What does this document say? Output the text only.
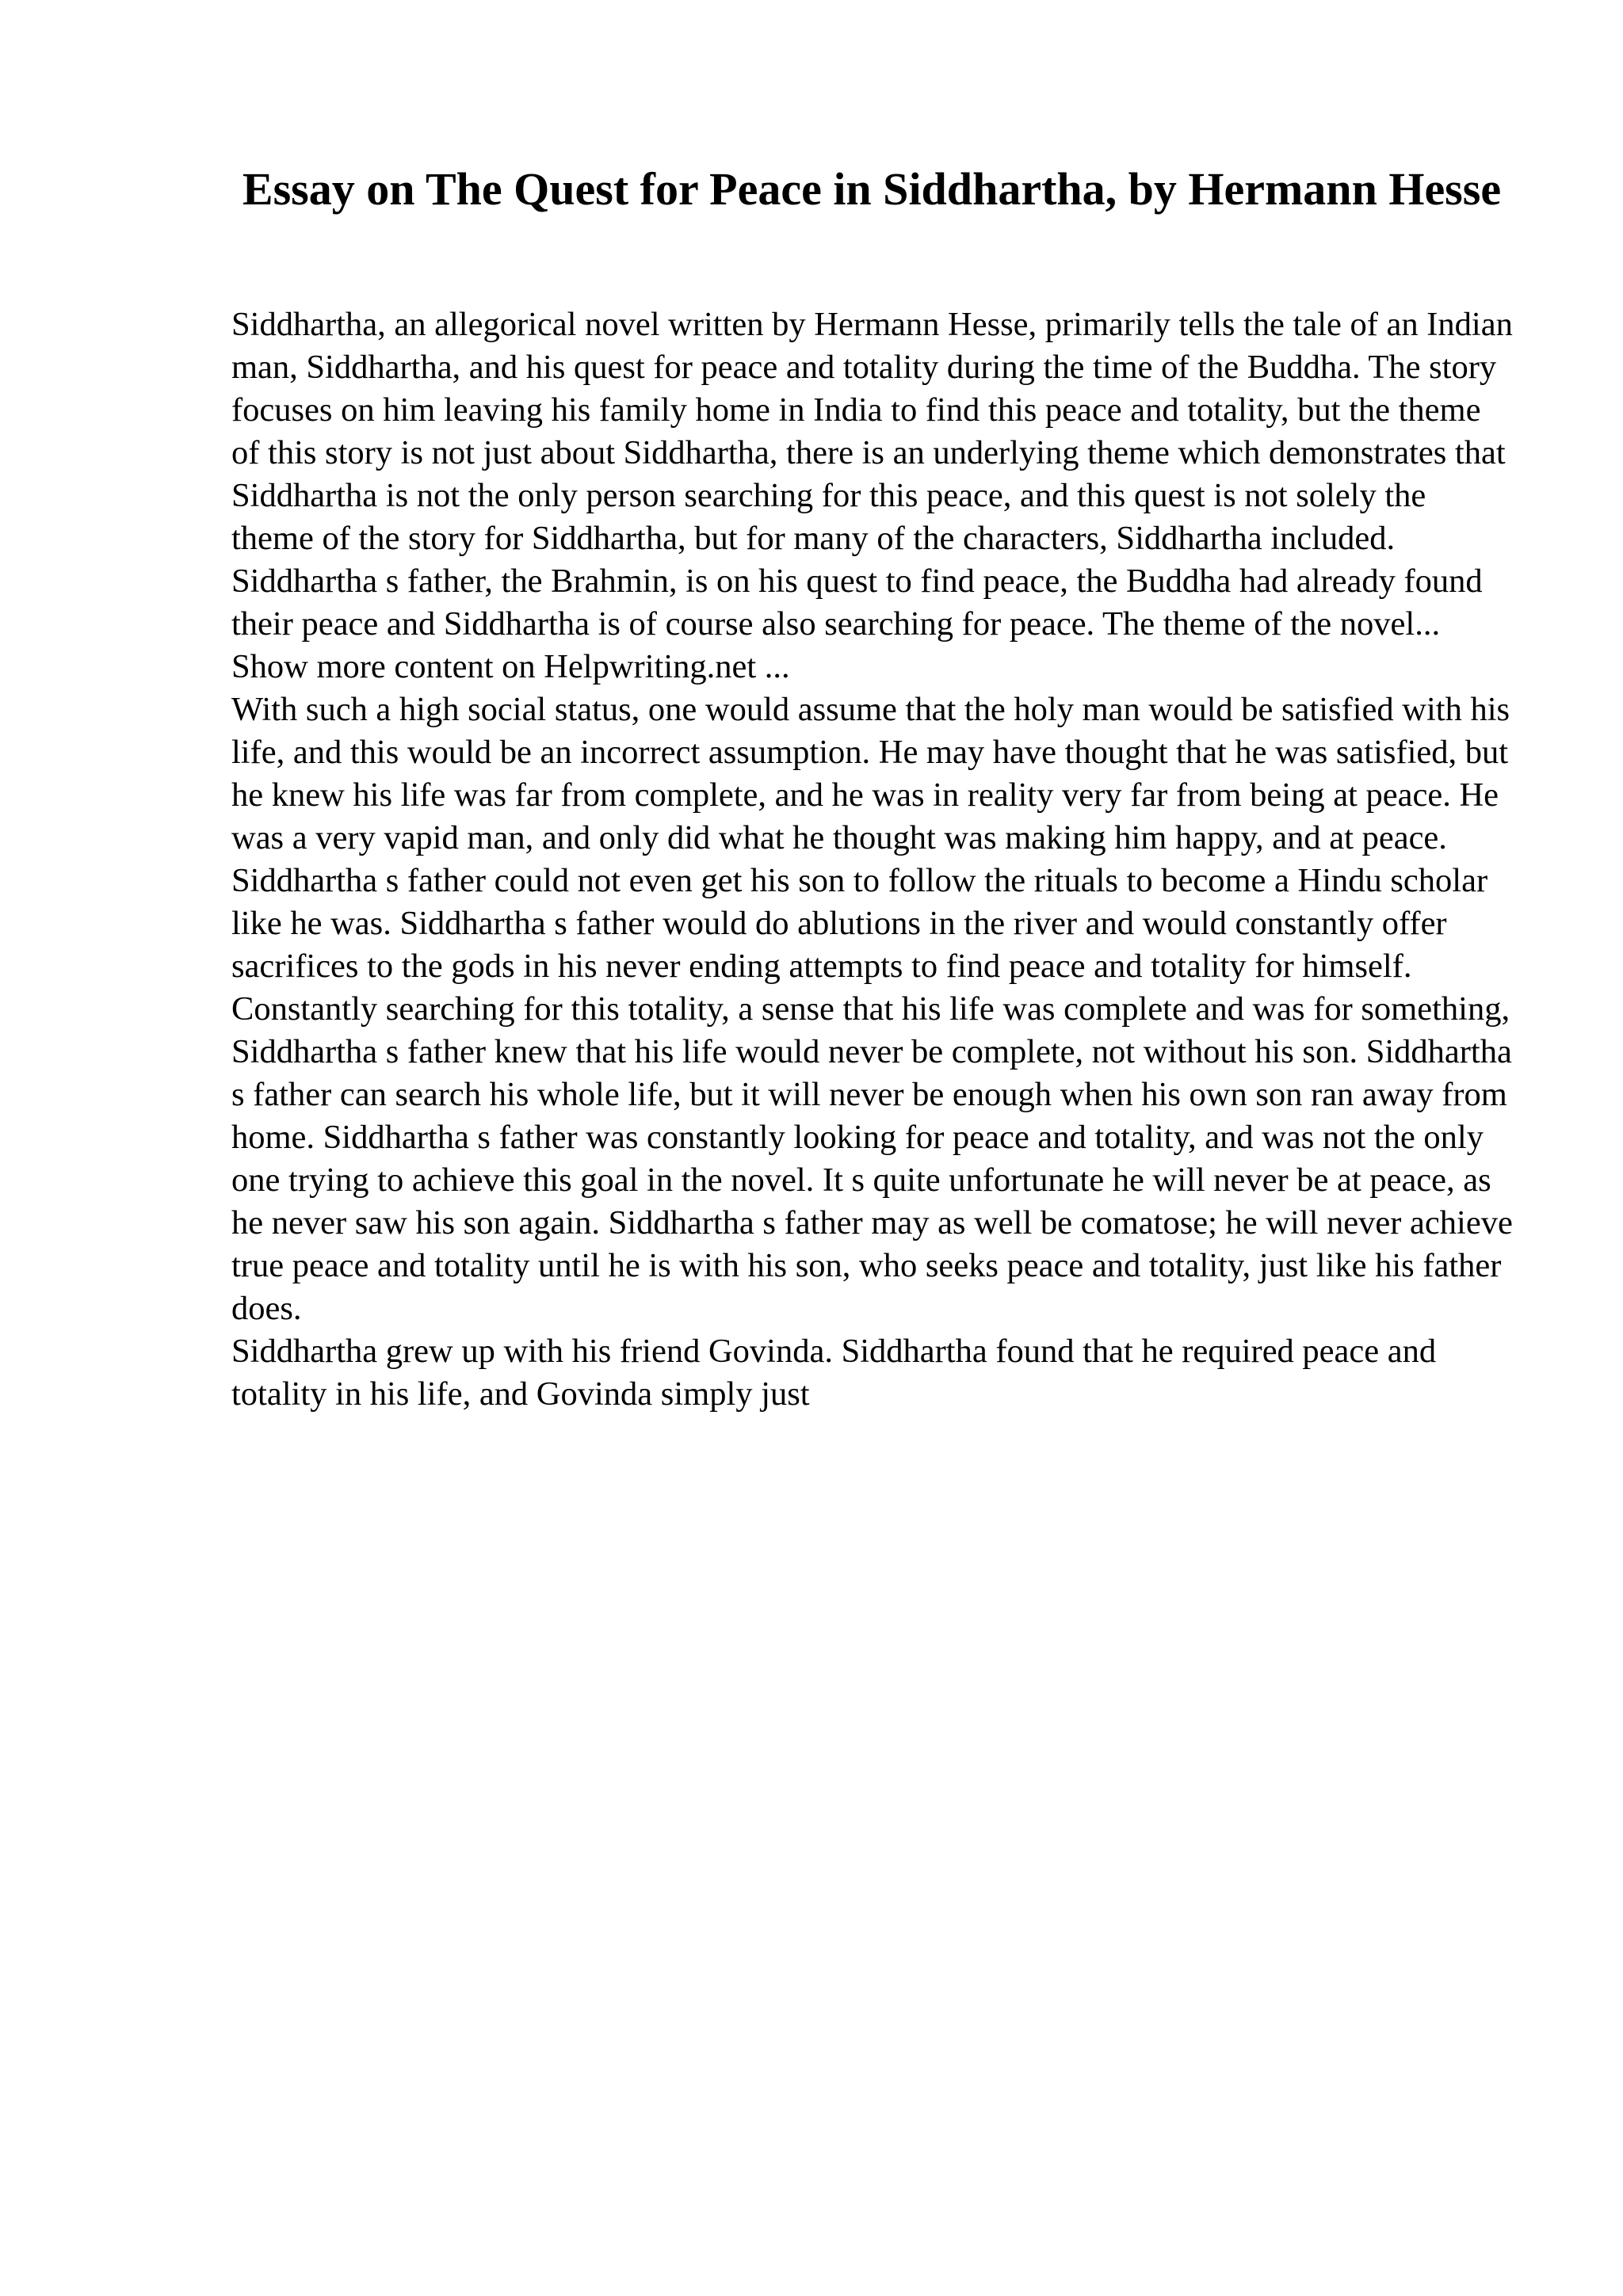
Essay on The Quest for Peace in Siddhartha, by Hermann Hesse

Siddhartha, an allegorical novel written by Hermann Hesse, primarily tells the tale of an Indian man, Siddhartha, and his quest for peace and totality during the time of the Buddha. The story focuses on him leaving his family home in India to find this peace and totality, but the theme of this story is not just about Siddhartha, there is an underlying theme which demonstrates that Siddhartha is not the only person searching for this peace, and this quest is not solely the theme of the story for Siddhartha, but for many of the characters, Siddhartha included. Siddhartha s father, the Brahmin, is on his quest to find peace, the Buddha had already found their peace and Siddhartha is of course also searching for peace. The theme of the novel... Show more content on Helpwriting.net ...

With such a high social status, one would assume that the holy man would be satisfied with his life, and this would be an incorrect assumption. He may have thought that he was satisfied, but he knew his life was far from complete, and he was in reality very far from being at peace. He was a very vapid man, and only did what he thought was making him happy, and at peace. Siddhartha s father could not even get his son to follow the rituals to become a Hindu scholar like he was. Siddhartha s father would do ablutions in the river and would constantly offer sacrifices to the gods in his never ending attempts to find peace and totality for himself. Constantly searching for this totality, a sense that his life was complete and was for something, Siddhartha s father knew that his life would never be complete, not without his son. Siddhartha s father can search his whole life, but it will never be enough when his own son ran away from home. Siddhartha s father was constantly looking for peace and totality, and was not the only one trying to achieve this goal in the novel. It s quite unfortunate he will never be at peace, as he never saw his son again. Siddhartha s father may as well be comatose; he will never achieve true peace and totality until he is with his son, who seeks peace and totality, just like his father does.

Siddhartha grew up with his friend Govinda. Siddhartha found that he required peace and totality in his life, and Govinda simply just
